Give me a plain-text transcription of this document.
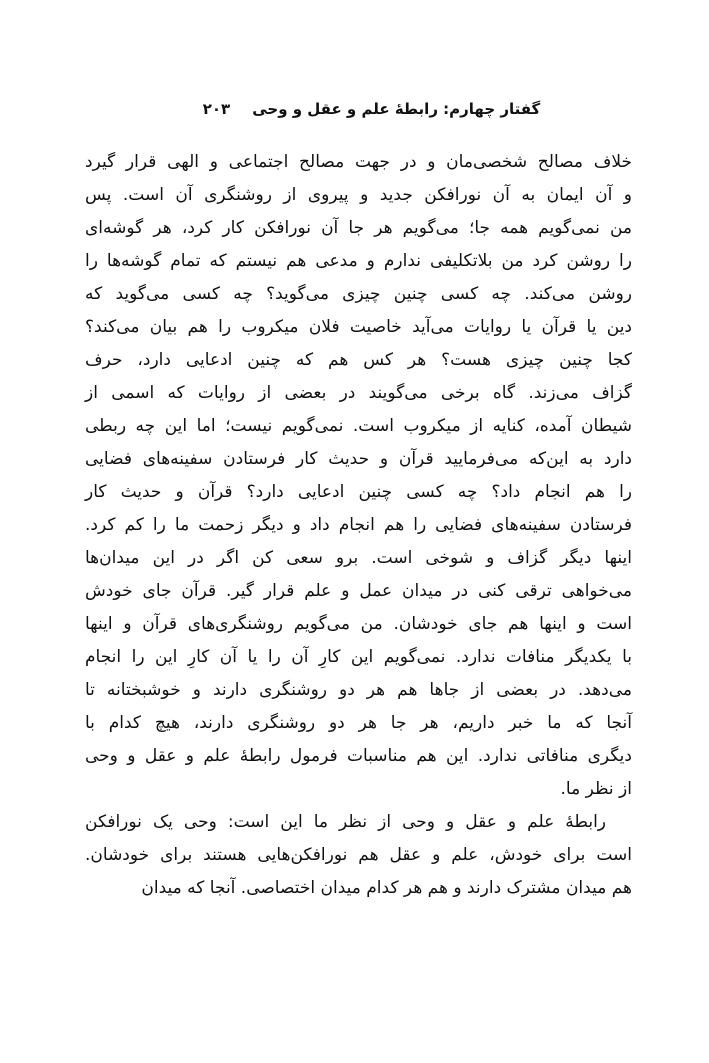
گفتار چهارم: رابطهٔ علم و عقل و وحی
۲۰۳
خلاف مصالح شخصی‌مان و در جهت مصالح اجتماعی و الهی قرار گیرد
و آن ایمان به آن نورافکن جدید و پیروی از روشنگری آن است. پس
من نمی‌گویم همه جا؛ می‌گویم هر جا آن نورافکن کار کرد، هر گوشه‌ای
را روشن کرد من بلاتکلیفی ندارم و مدعی هم نیستم که تمام گوشه‌ها را
روشن می‌کند. چه کسی چنین چیزی می‌گوید؟ چه کسی می‌گوید که
دین یا قرآن یا روایات می‌آید خاصیت فلان میکروب را هم بیان می‌کند؟
کجا چنین چیزی هست؟ هر کس هم که چنین ادعایی دارد، حرف
گزاف می‌زند. گاه برخی می‌گویند در بعضی از روایات که اسمی از
شیطان آمده، کنایه از میکروب است. نمی‌گویم نیست؛ اما این چه ربطی
دارد به این‌که می‌فرمایید قرآن و حدیث کار فرستادن سفینه‌های فضایی
را هم انجام داد؟ چه کسی چنین ادعایی دارد؟ قرآن و حدیث کار
فرستادن سفینه‌های فضایی را هم انجام داد و دیگر زحمت ما را کم کرد.
اینها دیگر گزاف و شوخی است. برو سعی کن اگر در این میدان‌ها
می‌خواهی ترقی کنی در میدان عمل و علم قرار گیر. قرآن جای خودش
است و اینها هم جای خودشان. من می‌گویم روشنگری‌های قرآن و اینها
با یکدیگر منافات ندارد. نمی‌گویم این کارِ آن را یا آن کارِ این را انجام
می‌دهد. در بعضی از جاها هم هر دو روشنگری دارند و خوشبختانه تا
آنجا که ما خبر داریم، هر جا هر دو روشنگری دارند، هیچ کدام با
دیگری منافاتی ندارد. این هم مناسبات فرمول رابطهٔ علم و عقل و وحی
از نظر ما.
رابطهٔ علم و عقل و وحی از نظر ما این است: وحی یک نورافکن
است برای خودش، علم و عقل هم نورافکن‌هایی هستند برای خودشان.
هم میدان مشترک دارند و هم هر کدام میدان اختصاصی. آنجا که میدان
